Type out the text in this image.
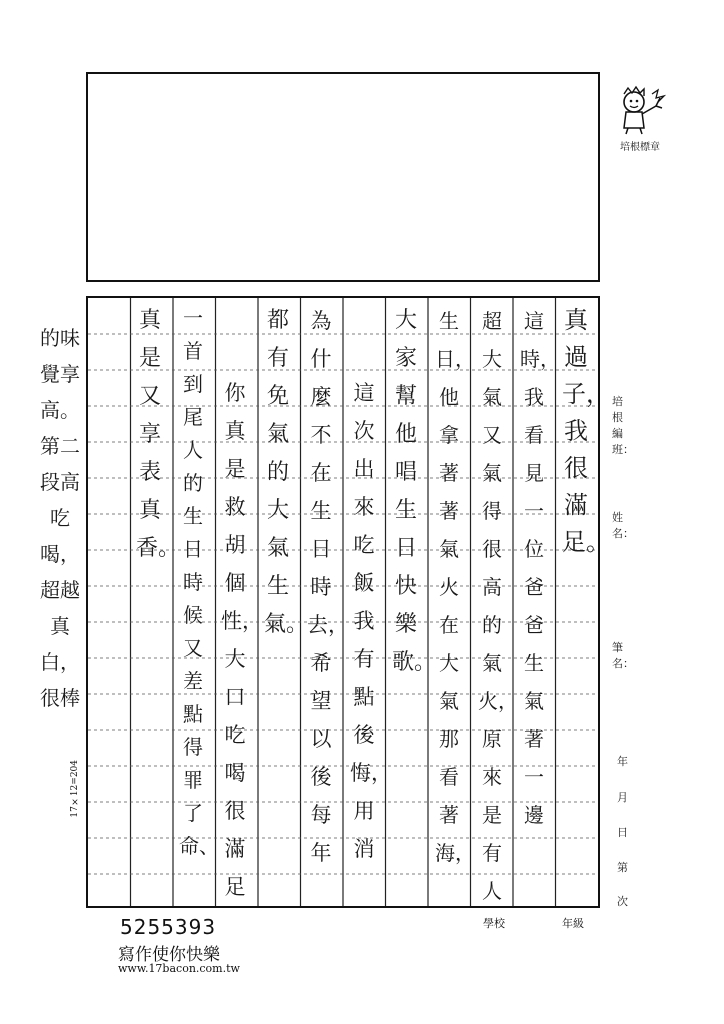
培根標章
真過子，我很滿足。
這時，我看見一位爸爸生氣著一邊
超大氣又氣得很高的氣火，原來是有人
生日，他拿著著氣火在大氣那看著海，
大家幫他唱生日快樂歌。
這次出來吃飯我有點後悔，用消
為什麼不在生日時去，希望以後每年
都有免氣的大氣生氣。
你真是救胡個性，大口吃喝很滿足
一首到尾人的生日時候又差點得罪了命、
真是又享表真香。
的味覺享高。第二段高吃喝，超越真白，很棒
17×12=204
培根編班：
姓名：
筆名：
年
月
日
第
次
5255393
寫作使你快樂
www.17bacon.com.tw
學校	年級
